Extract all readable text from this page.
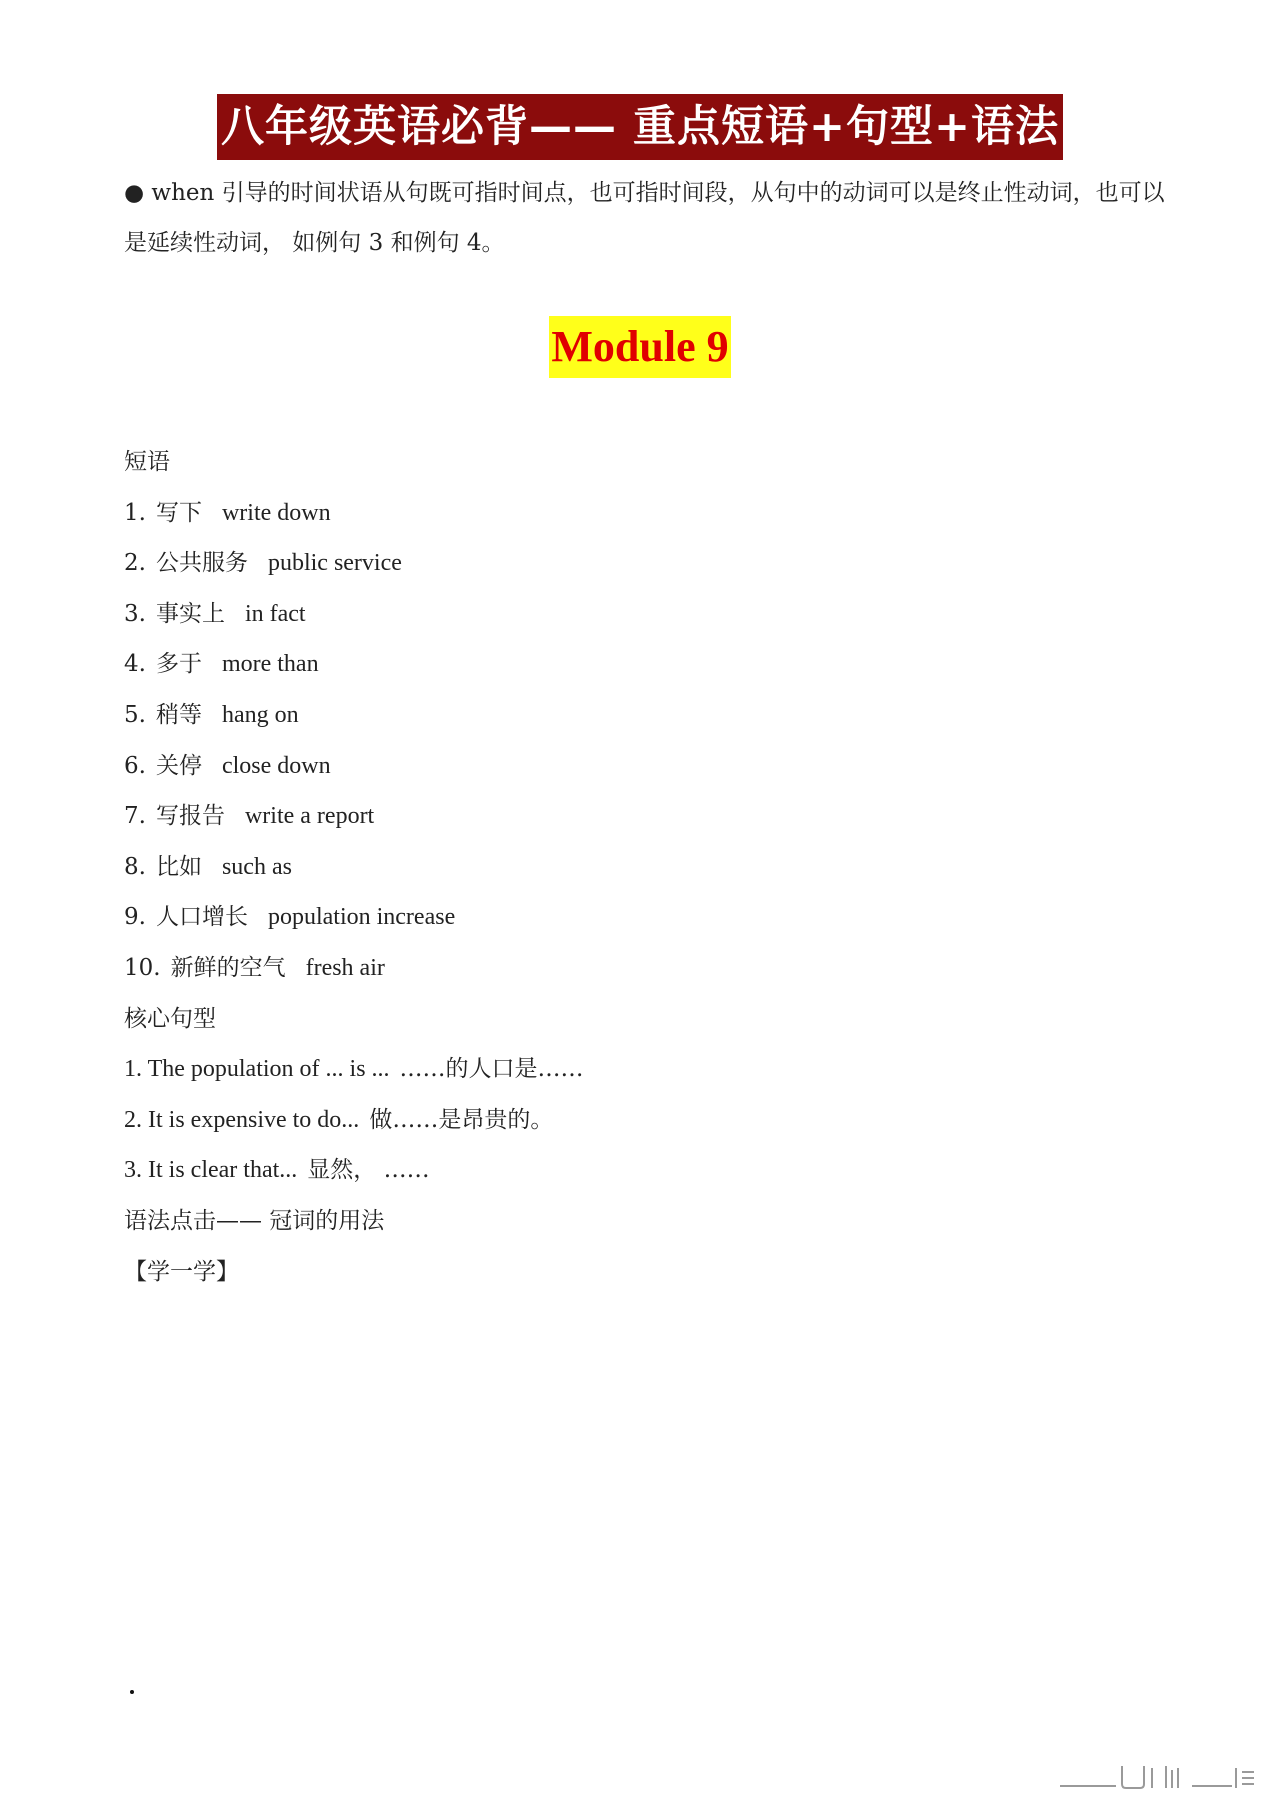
八年级英语必背—— 重点短语+句型+语法
● when 引导的时间状语从句既可指时间点，也可指时间段，从句中的动词可以是终止性动词，也可以是延续性动词， 如例句 3 和例句 4。
Module 9
短语
1. 写下 write down
2. 公共服务 public service
3. 事实上 in fact
4. 多于 more than
5. 稍等 hang on
6. 关停 close down
7. 写报告 write a report
8. 比如 such as
9. 人口增长 population increase
10. 新鲜的空气 fresh air
核心句型
1. The population of ... is ... ……的人口是……
2. It is expensive to do... 做……是昂贵的。
3. It is clear that... 显然， ……
语法点击—— 冠词的用法
【学一学】
